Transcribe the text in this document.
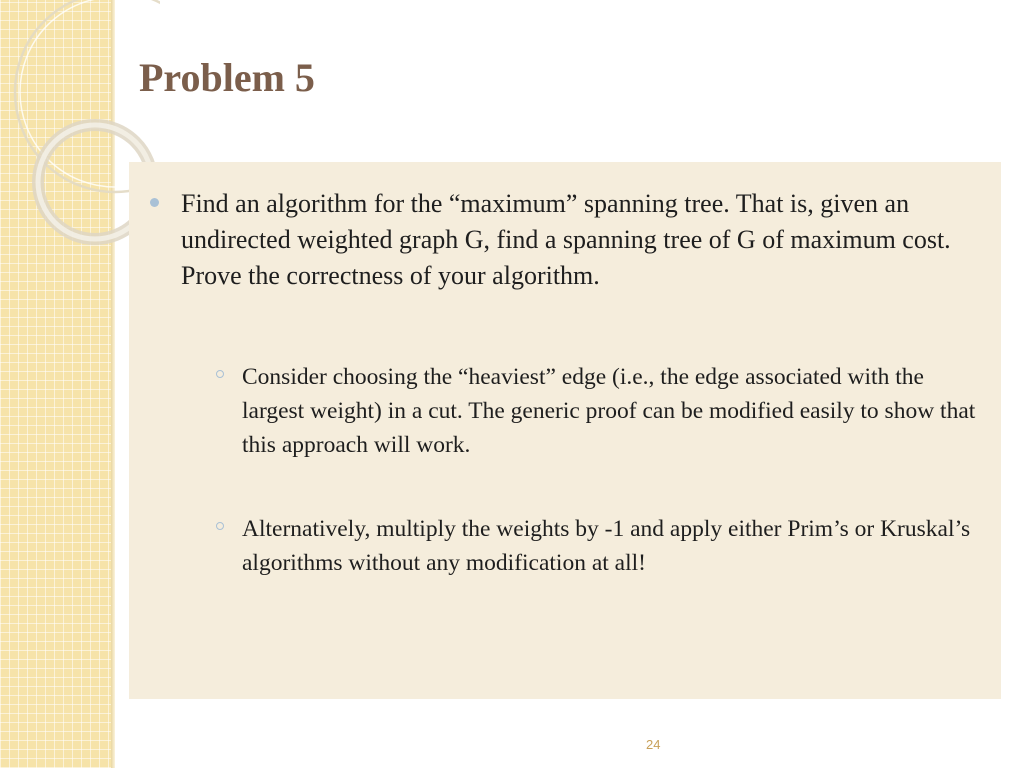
Problem 5
Find an algorithm for the “maximum” spanning tree. That is, given an undirected weighted graph G, find a spanning tree of G of maximum cost. Prove the correctness of your algorithm.
Consider choosing the “heaviest” edge (i.e., the edge associated with the largest weight) in a cut. The generic proof can be modified easily to show that this approach will work.
Alternatively, multiply the weights by -1 and apply either Prim’s or Kruskal’s algorithms without any modification at all!
24
